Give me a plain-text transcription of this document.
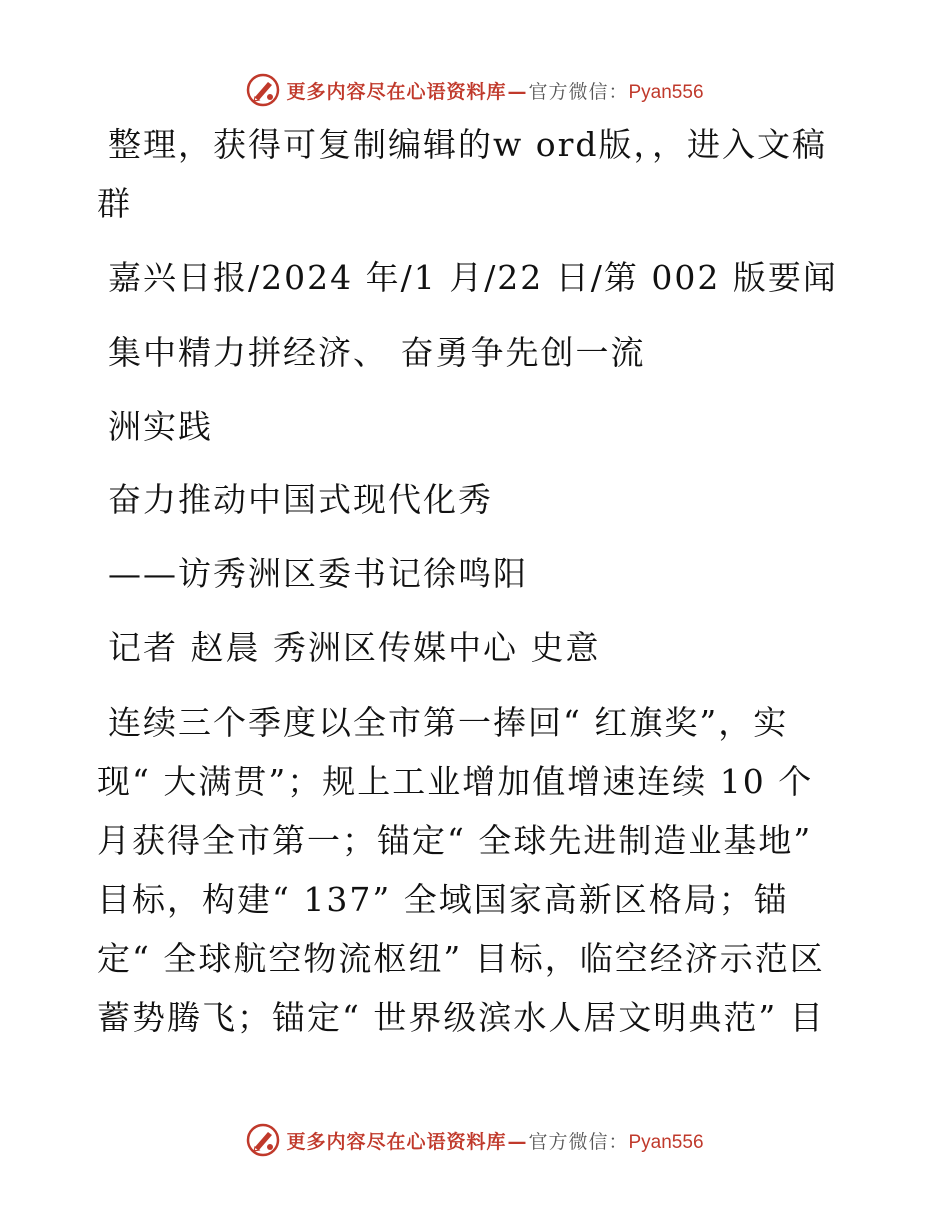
更多内容尽在心语资料库—官方微信：Pyan556
整理，获得可复制编辑的w ord版，，进入文稿
群
嘉兴日报/2024 年/1 月/22 日/第 002 版要闻
集中精力拼经济、 奋勇争先创一流
洲实践
奋力推动中国式现代化秀
——访秀洲区委书记徐鸣阳
记者 赵晨 秀洲区传媒中心 史意
连续三个季度以全市第一捧回“ 红旗奖”，实
现“ 大满贯”；规上工业增加值增速连续 10 个
月获得全市第一；锚定“ 全球先进制造业基地”
目标，构建“ 137” 全域国家高新区格局；锚
定“ 全球航空物流枢纽” 目标，临空经济示范区
蓄势腾飞；锚定“ 世界级滨水人居文明典范” 目
更多内容尽在心语资料库—官方微信：Pyan556
